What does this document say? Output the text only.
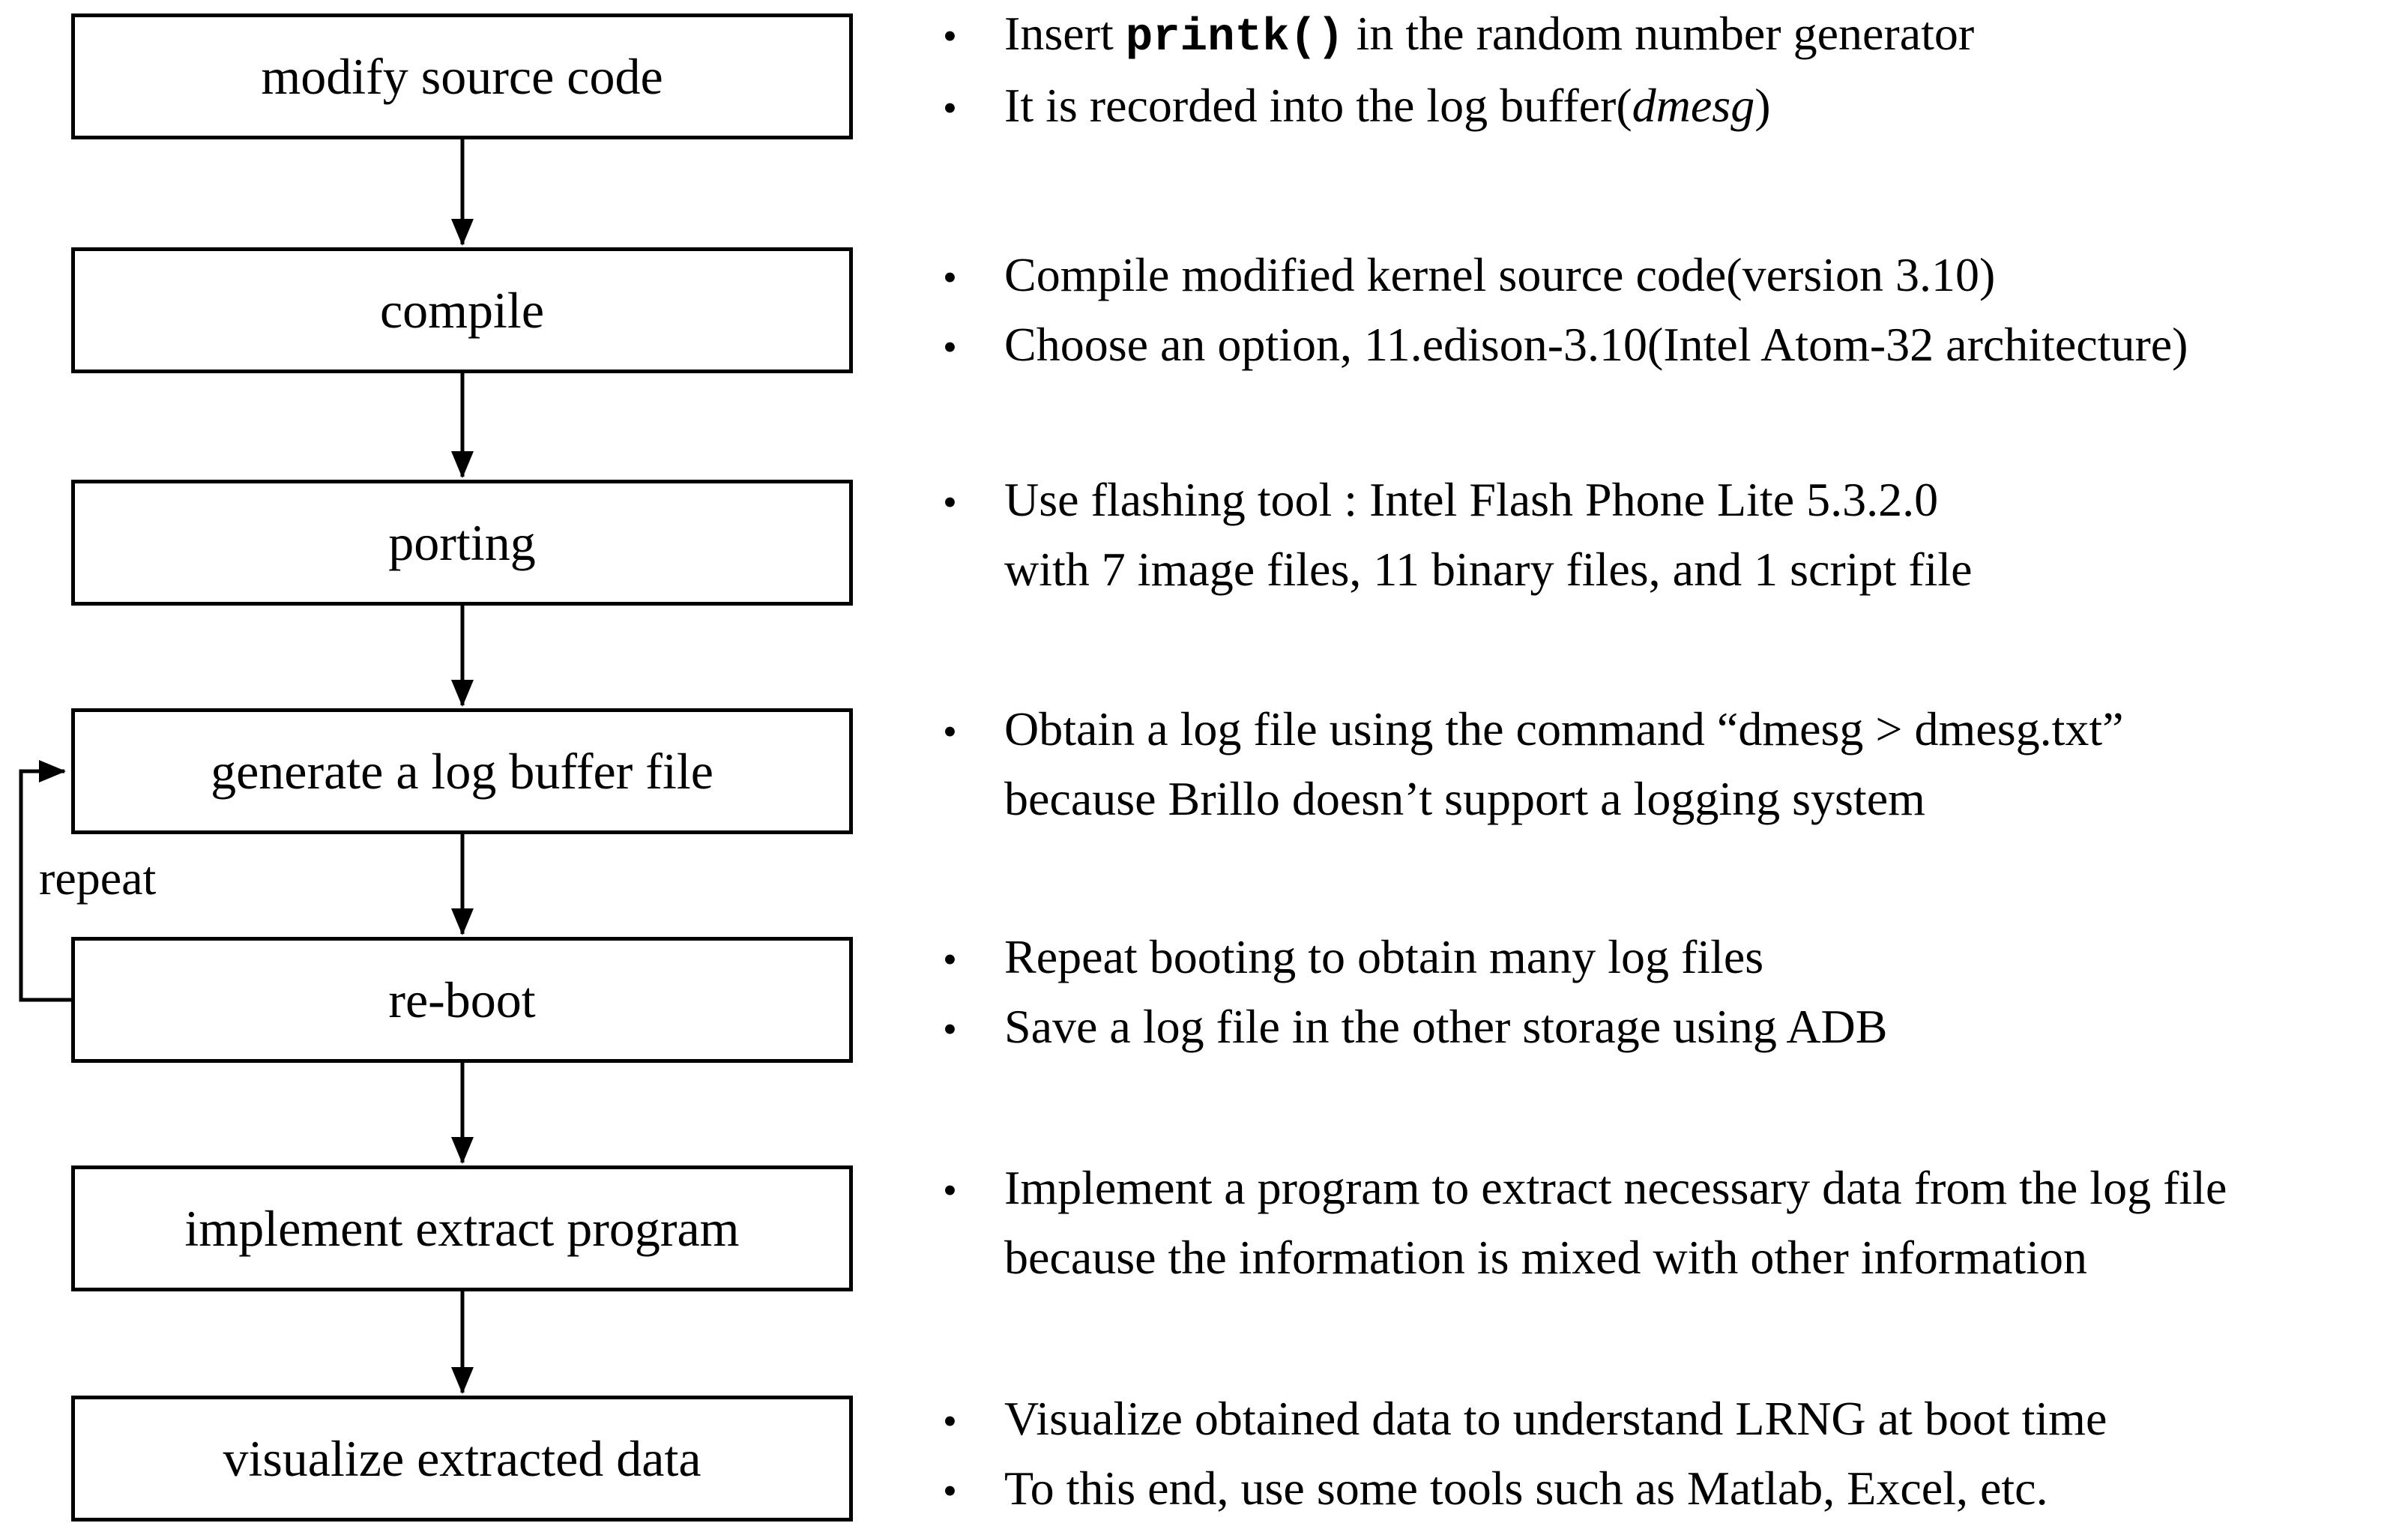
modify source code
compile
porting
generate a log buffer file
re-boot
implement extract program
visualize extracted data
repeat
• Insert printk() in the random number generator
• It is recorded into the log buffer(dmesg)
• Compile modified kernel source code(version 3.10)
• Choose an option, 11.edison-3.10(Intel Atom-32 architecture)
• Use flashing tool : Intel Flash Phone Lite 5.3.2.0
with 7 image files, 11 binary files, and 1 script file
• Obtain a log file using the command “dmesg > dmesg.txt”
because Brillo doesn’t support a logging system
• Repeat booting to obtain many log files
• Save a log file in the other storage using ADB
• Implement a program to extract necessary data from the log file
because the information is mixed with other information
• Visualize obtained data to understand LRNG at boot time
• To this end, use some tools such as Matlab, Excel, etc.
